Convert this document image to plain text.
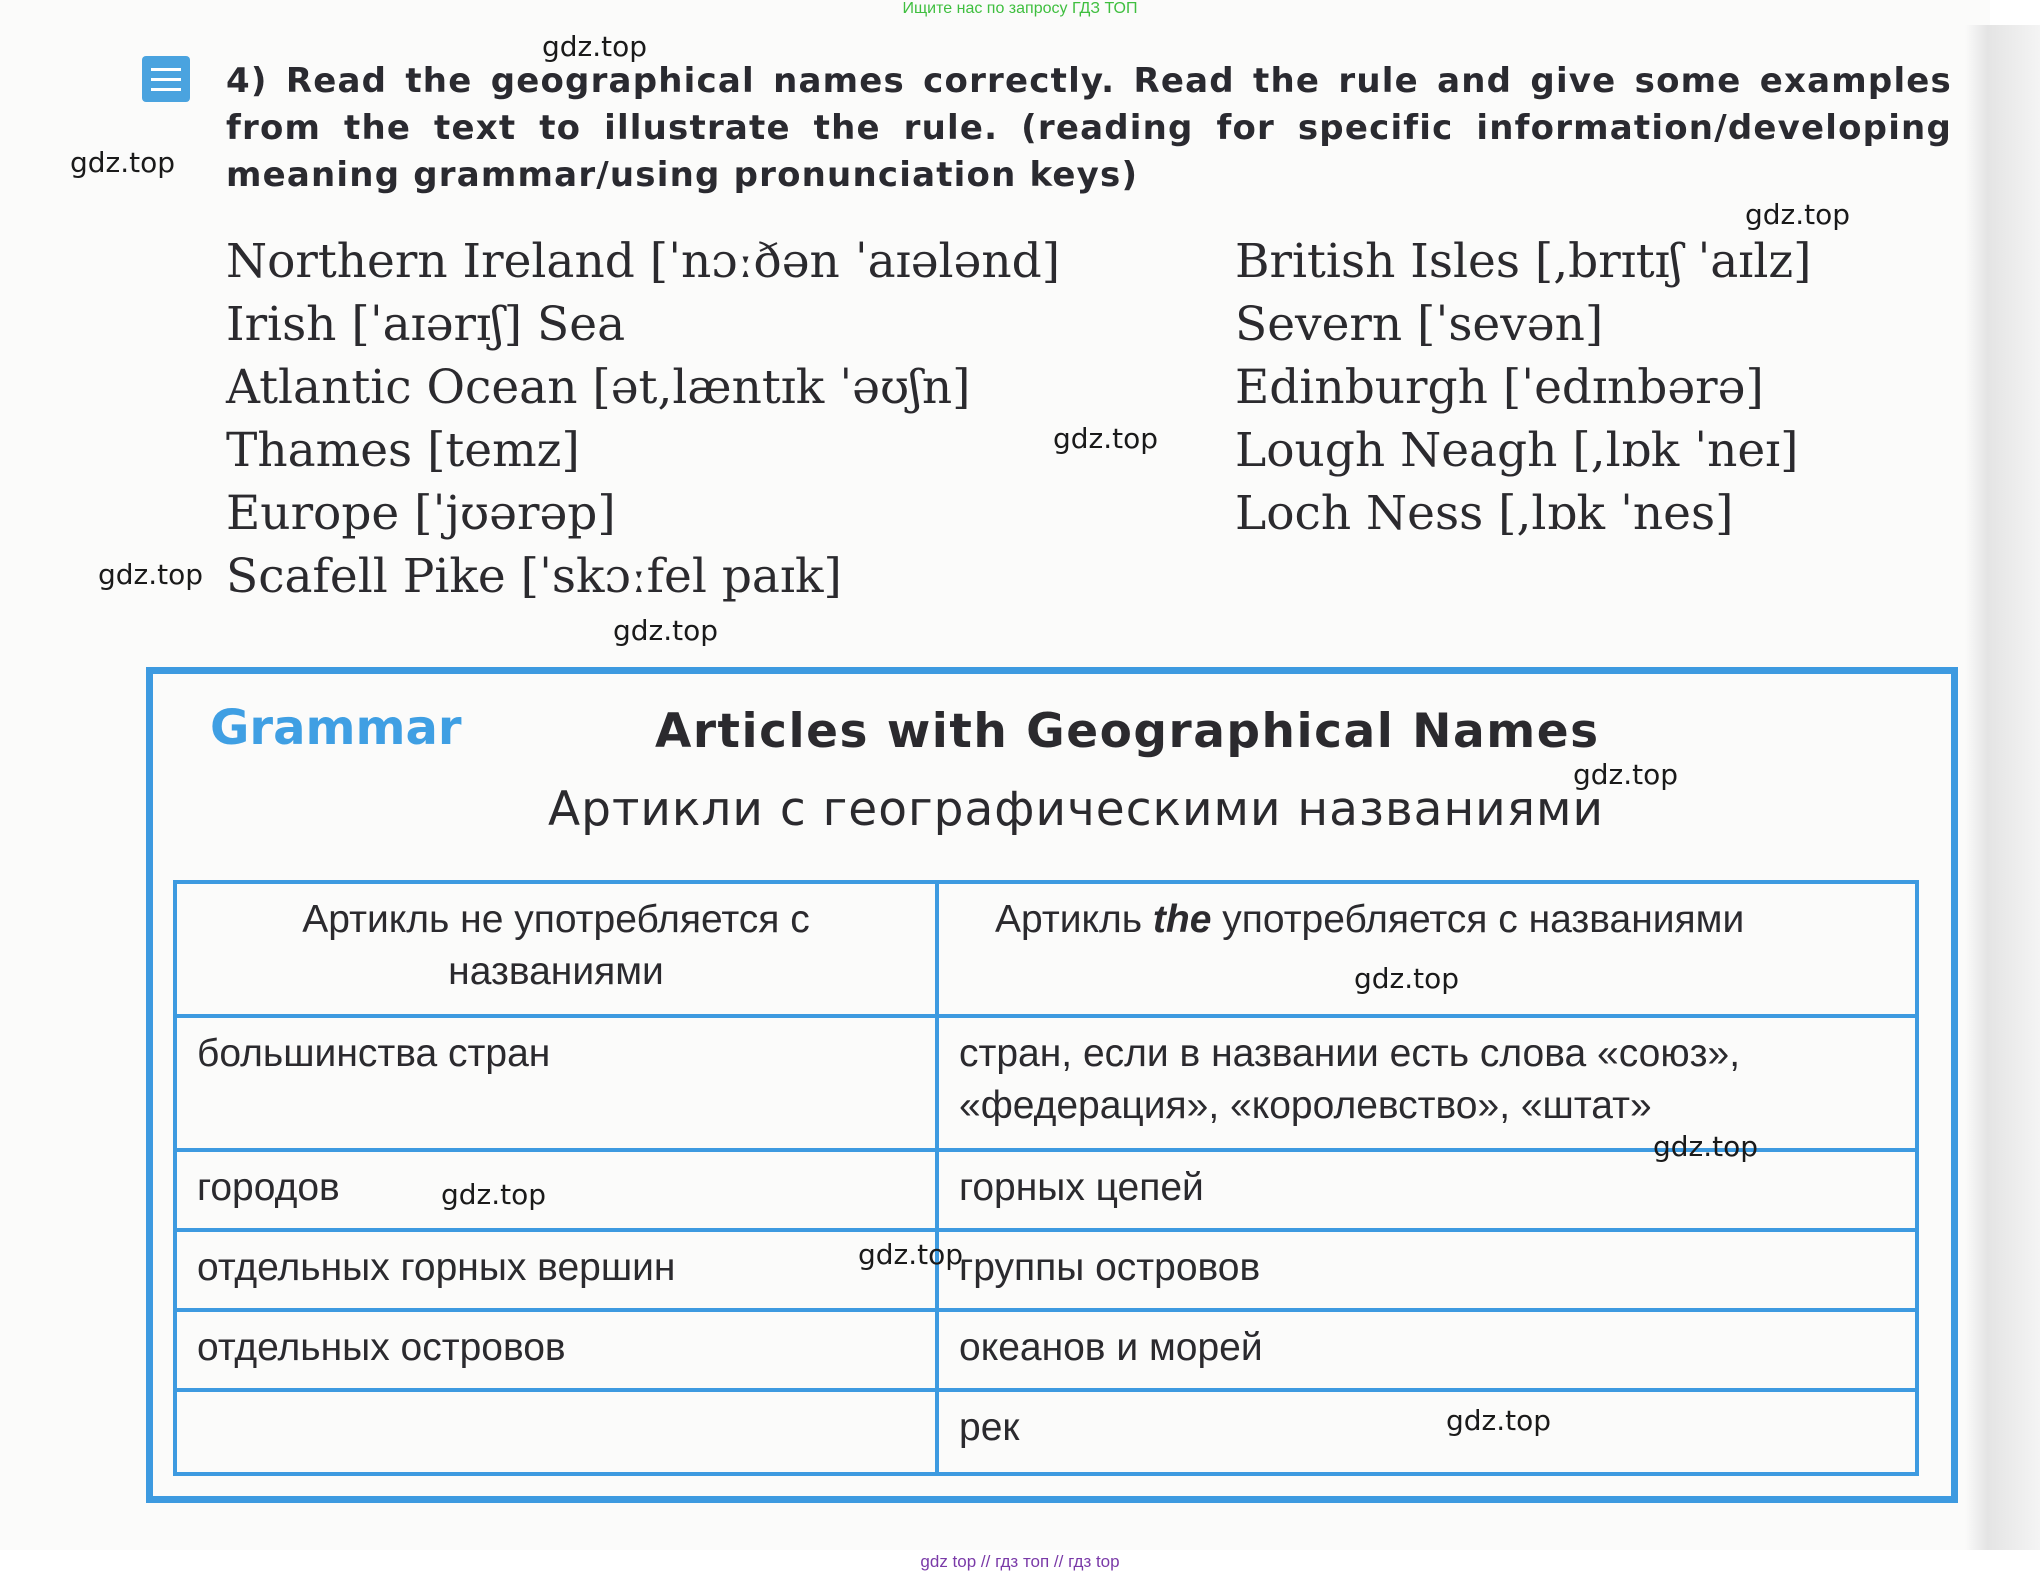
Ищите нас по запросу ГДЗ ТОП
4) Read the geographical names correctly. Read the rule and give some examples from the text to illustrate the rule. (reading for specific information/developing meaning grammar/using pronunciation keys)
Northern Ireland [ˈnɔːðən ˈaɪələnd]
Irish [ˈaɪərɪʃ] Sea
Atlantic Ocean [ət,læntɪk ˈəʊʃn]
Thames [temz]
Europe [ˈjʊərəp]
Scafell Pike [ˈskɔːfel paɪk]
British Isles [,brɪtɪʃ ˈaɪlz]
Severn [ˈsevən]
Edinburgh [ˈedɪnbərə]
Lough Neagh [,lɒk ˈneɪ]
Loch Ness [,lɒk ˈnes]
Grammar	Articles with Geographical Names
Артикли с географическими названиями
Артикль не употребляется с названиями	Артикль the употребляется с названиями
большинства стран	стран, если в названии есть слова «союз», «федерация», «королевство», «штат»
городов	горных цепей
отдельных горных вершин	группы островов
отдельных островов	океанов и морей
	рек
gdz.top
gdz.top
gdz.top
gdz.top
gdz.top
gdz.top
gdz.top
gdz.top
gdz.top
gdz.top
gdz.top
gdz.top
gdz top // гдз топ // гдз top
